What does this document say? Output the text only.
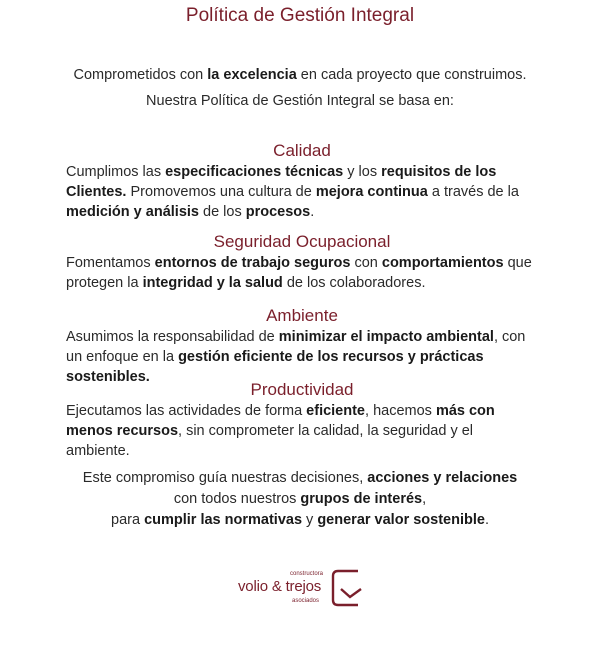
Política de Gestión Integral
Comprometidos con la excelencia en cada proyecto que construimos.
Nuestra Política de Gestión Integral se basa en:
Calidad

Cumplimos las especificaciones técnicas y los requisitos de los Clientes. Promovemos una cultura de mejora continua a través de la medición y análisis de los procesos.

Seguridad Ocupacional

Fomentamos entornos de trabajo seguros con comportamientos que protegen la integridad y la salud de los colaboradores.

Ambiente

Asumimos la responsabilidad de minimizar el impacto ambiental, con un enfoque en la gestión eficiente de los recursos y prácticas sostenibles.

Productividad

Ejecutamos las actividades de forma eficiente, hacemos más con menos recursos, sin comprometer la calidad, la seguridad y el ambiente.

Este compromiso guía nuestras decisiones, acciones y relaciones
con todos nuestros grupos de interés,
para cumplir las normativas y generar valor sostenible.
constructora
volio & trejos
asociados
